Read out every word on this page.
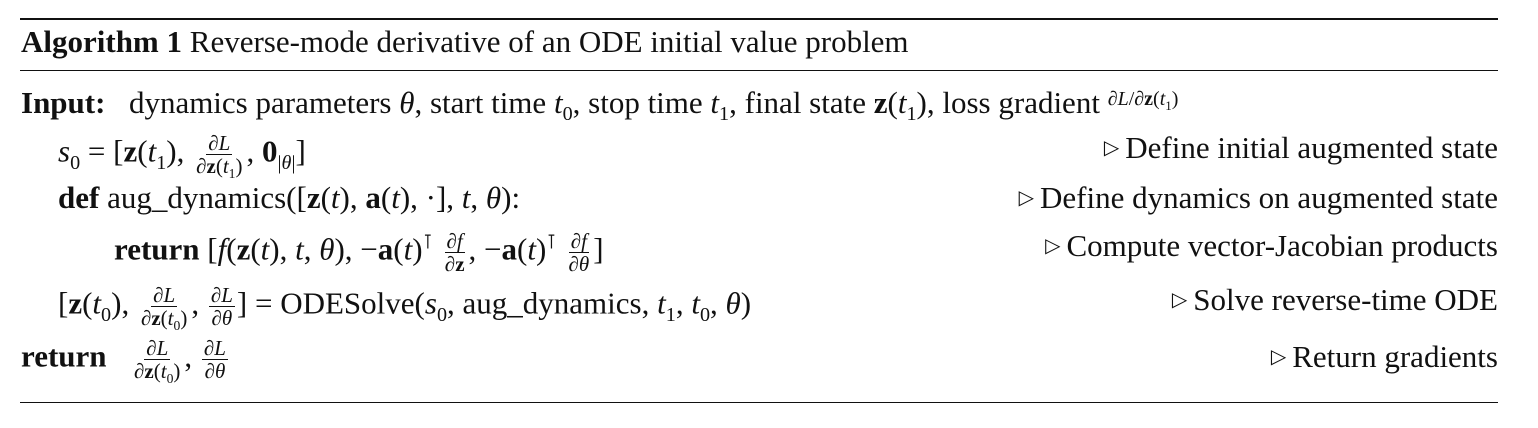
Algorithm 1 Reverse-mode derivative of an ODE initial value problem
Input: dynamics parameters θ, start time $t_0$, stop time $t_1$, final state $z(t_1)$, loss gradient $^{\partial L/\partial z(t_1)}$
$s_0 = [z(t_1)$, $\frac{\partial L}{\partial z(t_1)}$ , $0_{|\theta|}$]	▷ Define initial augmented state
def aug_dynamics([z(t), a(t), ·], t, θ):	▷ Define dynamics on augmented state
return [f(z(t), t, θ), $-a(t)^⊺ \frac{\partial f}{\partial z}$ , $-a(t)^⊺ \frac{\partial f}{\partial\theta}$ ]	▷ Compute vector-Jacobian products
[$z(t_0)$, $\frac{\partial L}{\partial z(t_0)}$ , $\frac{\partial L}{\partial\theta}$ ] = $ODESolve(s_0$, aug_dynamics, $t_1$, $t_0$, θ)	▷ Solve reverse-time ODE
return $\frac{\partial L}{\partial z(t_0)}$ , $\frac{\partial L}{\partial\theta}$	▷ Return gradients
